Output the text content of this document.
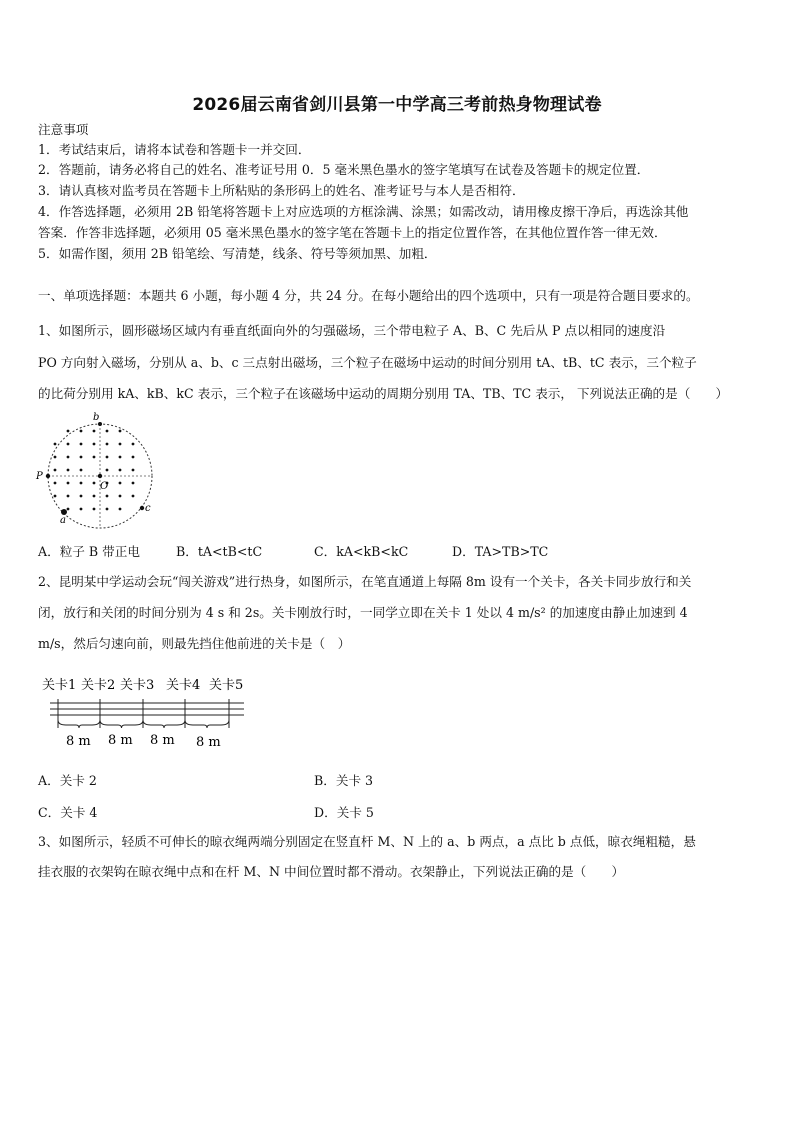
2026届云南省剑川县第一中学高三考前热身物理试卷
注意事项
1．考试结束后，请将本试卷和答题卡一并交回．
2．答题前，请务必将自己的姓名、准考证号用 0．5 毫米黑色墨水的签字笔填写在试卷及答题卡的规定位置．
3．请认真核对监考员在答题卡上所粘贴的条形码上的姓名、准考证号与本人是否相符．
4．作答选择题，必须用 2B 铅笔将答题卡上对应选项的方框涂满、涂黑；如需改动，请用橡皮擦干净后，再选涂其他
答案．作答非选择题，必须用 05 毫米黑色墨水的签字笔在答题卡上的指定位置作答，在其他位置作答一律无效．
5．如需作图，须用 2B 铅笔绘、写清楚，线条、符号等须加黑、加粗．
一、单项选择题：本题共 6 小题，每小题 4 分，共 24 分。在每小题给出的四个选项中，只有一项是符合题目要求的。
1、如图所示，圆形磁场区域内有垂直纸面向外的匀强磁场，三个带电粒子 A、B、C 先后从 P 点以相同的速度沿
PO 方向射入磁场，分别从 a、b、c 三点射出磁场，三个粒子在磁场中运动的时间分别用 tA、tB、tC 表示，三个粒子
的比荷分别用 kA、kB、kC 表示，三个粒子在该磁场中运动的周期分别用 TA、TB、TC 表示， 下列说法正确的是（　　）
b
P
O
a
c
A．粒子 B 带正电	B．tA<tB<tC	C．kA<kB<kC	D．TA>TB>TC
2、昆明某中学运动会玩“闯关游戏”进行热身，如图所示，在笔直通道上每隔 8m 设有一个关卡，各关卡同步放行和关
闭，放行和关闭的时间分别为 4 s 和 2s。关卡刚放行时，一同学立即在关卡 1 处以 4 m/s² 的加速度由静止加速到 4
m/s，然后匀速向前，则最先挡住他前进的关卡是（　）
关卡1 关卡2 关卡3 关卡4 关卡5
8 m 8 m 8 m 8 m
A．关卡 2	B．关卡 3
C．关卡 4	D．关卡 5
3、如图所示，轻质不可伸长的晾衣绳两端分别固定在竖直杆 M、N 上的 a、b 两点，a 点比 b 点低，晾衣绳粗糙，悬
挂衣服的衣架钩在晾衣绳中点和在杆 M、N 中间位置时都不滑动。衣架静止，下列说法正确的是（　　）
